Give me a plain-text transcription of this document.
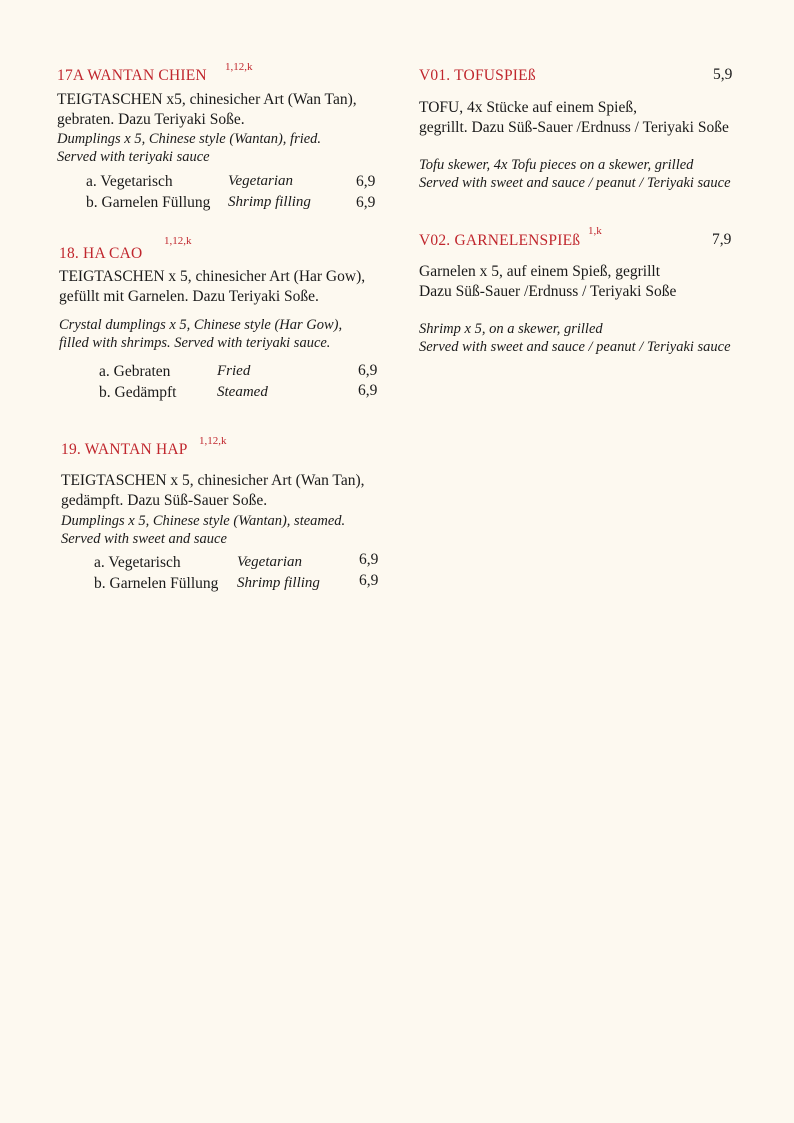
17A WANTAN CHIEN 1,12,k
TEIGTASCHEN x5, chinesicher Art (Wan Tan),
gebraten. Dazu Teriyaki Soße.
Dumplings x 5, Chinese style (Wantan), fried.
Served with teriyaki sauce
a. Vegetarisch	Vegetarian	6,9
b. Garnelen Füllung Shrimp filling	6,9
18. HA CAO
1,12,k
TEIGTASCHEN x 5, chinesicher Art (Har Gow),
gefüllt mit Garnelen. Dazu Teriyaki Soße.
Crystal dumplings x 5, Chinese style (Har Gow),
filled with shrimps. Served with teriyaki sauce.
a. Gebraten	Fried	6,9
b. Gedämpft	Steamed	6,9
19. WANTAN HAP 1,12,k
TEIGTASCHEN x 5, chinesicher Art (Wan Tan),
gedämpft. Dazu Süß-Sauer Soße.
Dumplings x 5, Chinese style (Wantan), steamed.
Served with sweet and sauce
a. Vegetarisch	Vegetarian	6,9
b. Garnelen Füllung Shrimp filling	6,9
V01. TOFUSPIEß	5,9
TOFU, 4x Stücke auf einem Spieß,
gegrillt. Dazu Süß-Sauer /Erdnuss / Teriyaki Soße
Tofu skewer, 4x Tofu pieces on a skewer, grilled
Served with sweet and sauce / peanut / Teriyaki sauce
V02. GARNELENSPIEß
1,k	7,9
Garnelen x 5, auf einem Spieß, gegrillt
Dazu Süß-Sauer /Erdnuss / Teriyaki Soße
Shrimp x 5, on a skewer, grilled
Served with sweet and sauce / peanut / Teriyaki sauce
